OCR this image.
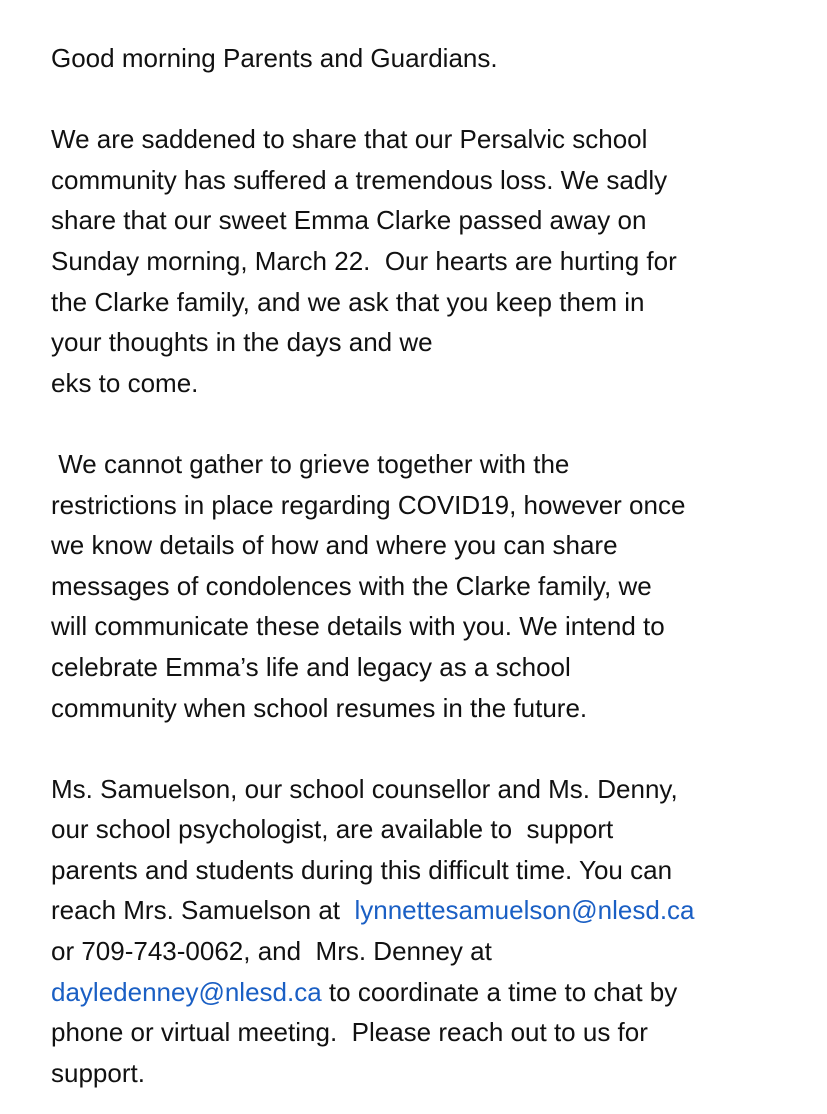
Good morning Parents and Guardians.
We are saddened to share that our Persalvic school
community has suffered a tremendous loss. We sadly
share that our sweet Emma Clarke passed away on
Sunday morning, March 22.  Our hearts are hurting for
the Clarke family, and we ask that you keep them in
your thoughts in the days and we
eks to come.
We cannot gather to grieve together with the
restrictions in place regarding COVID19, however once
we know details of how and where you can share
messages of condolences with the Clarke family, we
will communicate these details with you. We intend to
celebrate Emma’s life and legacy as a school
community when school resumes in the future.
Ms. Samuelson, our school counsellor and Ms. Denny,
our school psychologist, are available to  support
parents and students during this difficult time. You can
reach Mrs. Samuelson at  lynnettesamuelson@nlesd.ca
or 709-743-0062, and  Mrs. Denney at
dayledenney@nlesd.ca to coordinate a time to chat by
phone or virtual meeting.  Please reach out to us for
support.
